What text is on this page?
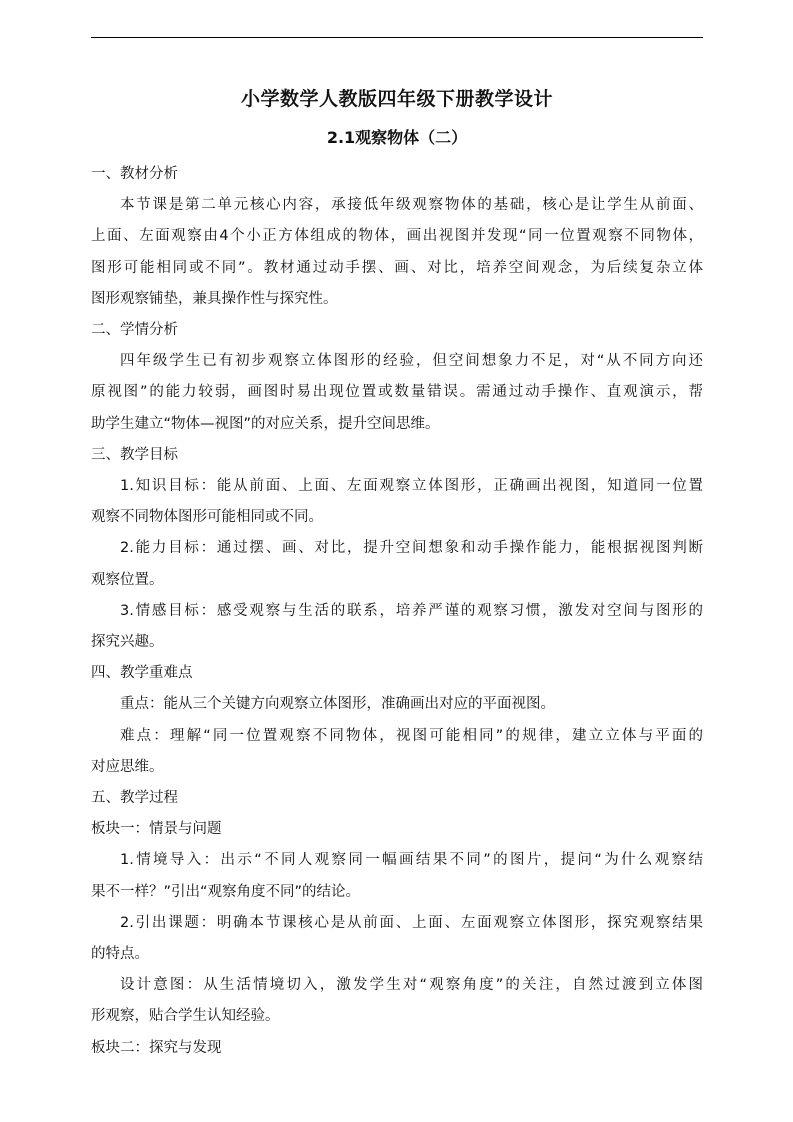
小学数学人教版四年级下册教学设计
2.1观察物体（二）

一、教材分析

本节课是第二单元核心内容，承接低年级观察物体的基础，核心是让学生从前面、

上面、左面观察由4个小正方体组成的物体，画出视图并发现“同一位置观察不同物体，

图形可能相同或不同”。教材通过动手摆、画、对比，培养空间观念，为后续复杂立体

图形观察铺垫，兼具操作性与探究性。

二、学情分析

四年级学生已有初步观察立体图形的经验，但空间想象力不足，对“从不同方向还

原视图”的能力较弱，画图时易出现位置或数量错误。需通过动手操作、直观演示，帮

助学生建立“物体—视图”的对应关系，提升空间思维。

三、教学目标

1.知识目标：能从前面、上面、左面观察立体图形，正确画出视图，知道同一位置

观察不同物体图形可能相同或不同。

2.能力目标：通过摆、画、对比，提升空间想象和动手操作能力，能根据视图判断

观察位置。

3.情感目标：感受观察与生活的联系，培养严谨的观察习惯，激发对空间与图形的

探究兴趣。

四、教学重难点

重点：能从三个关键方向观察立体图形，准确画出对应的平面视图。

难点：理解“同一位置观察不同物体，视图可能相同”的规律，建立立体与平面的

对应思维。

五、教学过程

板块一：情景与问题

1.情境导入：出示“不同人观察同一幅画结果不同”的图片，提问“为什么观察结

果不一样？”引出“观察角度不同”的结论。

2.引出课题：明确本节课核心是从前面、上面、左面观察立体图形，探究观察结果

的特点。

设计意图：从生活情境切入，激发学生对“观察角度”的关注，自然过渡到立体图

形观察，贴合学生认知经验。

板块二：探究与发现
